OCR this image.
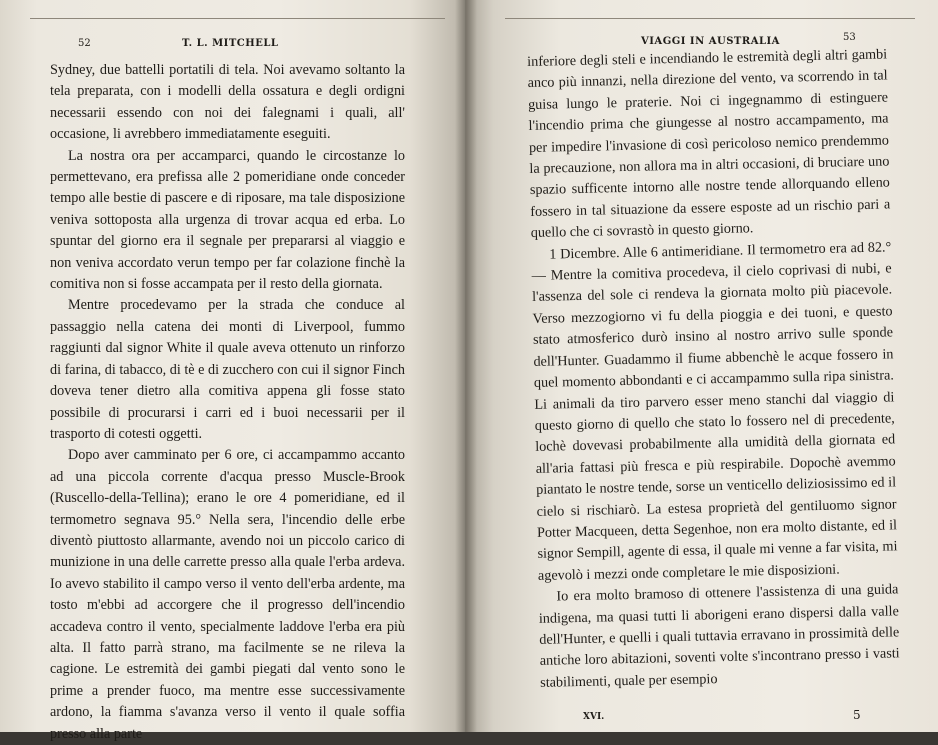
52	T. L. MITCHELL

Sydney, due battelli portatili di tela. Noi avevamo soltanto la tela preparata, con i modelli della ossatura e degli ordigni necessarii essendo con noi dei falegnami i quali, all' occasione, li avrebbero immediatamente eseguiti.

La nostra ora per accamparci, quando le circostanze lo permettevano, era prefissa alle 2 pomeridiane onde conceder tempo alle bestie di pascere e di riposare, ma tale disposizione veniva sottoposta alla urgenza di trovar acqua ed erba. Lo spuntar del giorno era il segnale per prepararsi al viaggio e non veniva accordato verun tempo per far colazione finchè la comitiva non si fosse accampata per il resto della giornata.

Mentre procedevamo per la strada che conduce al passaggio nella catena dei monti di Liverpool, fummo raggiunti dal signor White il quale aveva ottenuto un rinforzo di farina, di tabacco, di tè e di zucchero con cui il signor Finch doveva tener dietro alla comitiva appena gli fosse stato possibile di procurarsi i carri ed i buoi necessarii per il trasporto di cotesti oggetti.

Dopo aver camminato per 6 ore, ci accampammo accanto ad una piccola corrente d'acqua presso Muscle-Brook (Ruscello-della-Tellina); erano le ore 4 pomeridiane, ed il termometro segnava 95.° Nella sera, l'incendio delle erbe diventò piuttosto allarmante, avendo noi un piccolo carico di munizione in una delle carrette presso alla quale l'erba ardeva. Io avevo stabilito il campo verso il vento dell'erba ardente, ma tosto m'ebbi ad accorgere che il progresso dell'incendio accadeva contro il vento, specialmente laddove l'erba era più alta. Il fatto parrà strano, ma facilmente se ne rileva la cagione. Le estremità dei gambi piegati dal vento sono le prime a prender fuoco, ma mentre esse successivamente ardono, la fiamma s'avanza verso il vento il quale soffia presso alla parte

VIAGGI IN AUSTRALIA	53

inferiore degli steli e incendiando le estremità degli altri gambi anco più innanzi, nella direzione del vento, va scorrendo in tal guisa lungo le praterie. Noi ci ingegnammo di estinguere l'incendio prima che giungesse al nostro accampamento, ma per impedire l'invasione di così pericoloso nemico prendemmo la precauzione, non allora ma in altri occasioni, di bruciare uno spazio sufficente intorno alle nostre tende allorquando elleno fossero in tal situazione da essere esposte ad un rischio pari a quello che ci sovrastò in questo giorno.

1 Dicembre. Alle 6 antimeridiane. Il termometro era ad 82.° — Mentre la comitiva procedeva, il cielo coprivasi di nubi, e l'assenza del sole ci rendeva la giornata molto più piacevole. Verso mezzogiorno vi fu della pioggia e dei tuoni, e questo stato atmosferico durò insino al nostro arrivo sulle sponde dell'Hunter. Guadammo il fiume abbenchè le acque fossero in quel momento abbondanti e ci accampammo sulla ripa sinistra. Li animali da tiro parvero esser meno stanchi dal viaggio di questo giorno di quello che stato lo fossero nel di precedente, lochè dovevasi probabilmente alla umidità della giornata ed all'aria fattasi più fresca e più respirabile. Dopochè avemmo piantato le nostre tende, sorse un venticello deliziosissimo ed il cielo si rischiarò. La estesa proprietà del gentiluomo signor Potter Macqueen, detta Segenhoe, non era molto distante, ed il signor Sempill, agente di essa, il quale mi venne a far visita, mi agevolò i mezzi onde completare le mie disposizioni.

Io era molto bramoso di ottenere l'assistenza di una guida indigena, ma quasi tutti li aborigeni erano dispersi dalla valle dell'Hunter, e quelli i quali tuttavia erravano in prossimità delle antiche loro abitazioni, soventi volte s'incontrano presso i vasti stabilimenti, quale per esempio

XVI.	5
